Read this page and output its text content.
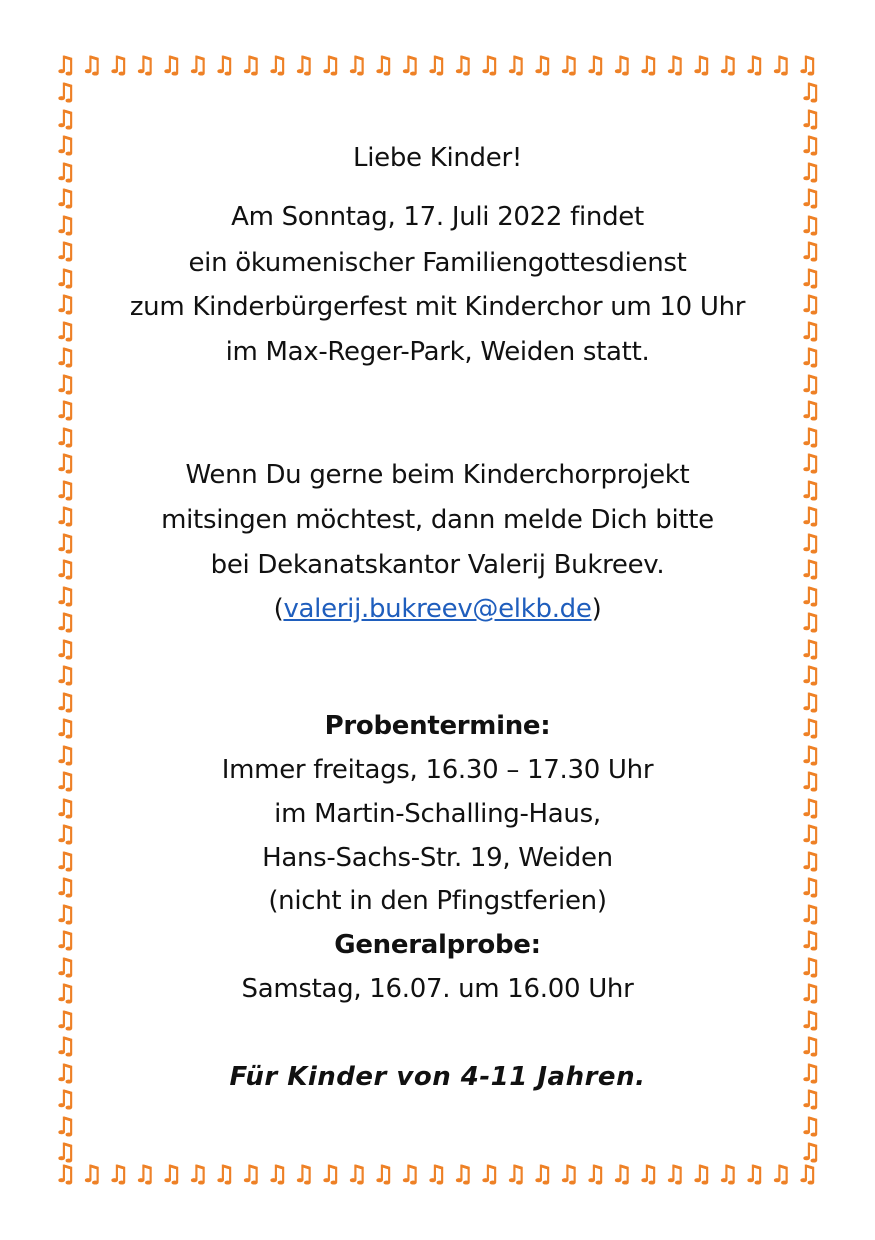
♫ ♫ ♫ ♫ ♫ ♫ ♫ ♫ ♫ ♫ ♫ ♫ ♫ ♫ ♫ ♫ ♫ ♫ ♫ ♫ ♫ ♫ ♫ ♫ ♫ ♫ ♫ ♫ ♫
♫ ♫ ♫ ♫ ♫ ♫ ♫ ♫ ♫ ♫ ♫ ♫ ♫ ♫ ♫ ♫ ♫ ♫ ♫ ♫ ♫ ♫ ♫ ♫ ♫ ♫ ♫ ♫ ♫
♫
♫
♫
♫
♫
♫
♫
♫
♫
♫
♫
♫
♫
♫
♫
♫
♫
♫
♫
♫
♫
♫
♫
♫
♫
♫
♫
♫
♫
♫
♫
♫
♫
♫
♫
♫
♫
♫
♫
♫
♫
♫
♫
♫
♫
♫
♫
♫
♫
♫
♫
♫
♫
♫
♫
♫
♫
♫
♫
♫
♫
♫
♫
♫
♫
♫
♫
♫
♫
♫
♫
♫
♫
♫
♫
♫
♫
♫
♫
♫
♫
♫
Liebe Kinder!
Am Sonntag, 17. Juli 2022 findet
ein ökumenischer Familiengottesdienst
zum Kinderbürgerfest mit Kinderchor um 10 Uhr
im Max-Reger-Park, Weiden statt.
Wenn Du gerne beim Kinderchorprojekt
mitsingen möchtest, dann melde Dich bitte
bei Dekanatskantor Valerij Bukreev.
(valerij.bukreev@elkb.de)
Probentermine:
Immer freitags, 16.30 – 17.30 Uhr
im Martin-Schalling-Haus,
Hans-Sachs-Str. 19, Weiden
(nicht in den Pfingstferien)
Generalprobe:
Samstag, 16.07. um 16.00 Uhr
Für Kinder von 4-11 Jahren.
